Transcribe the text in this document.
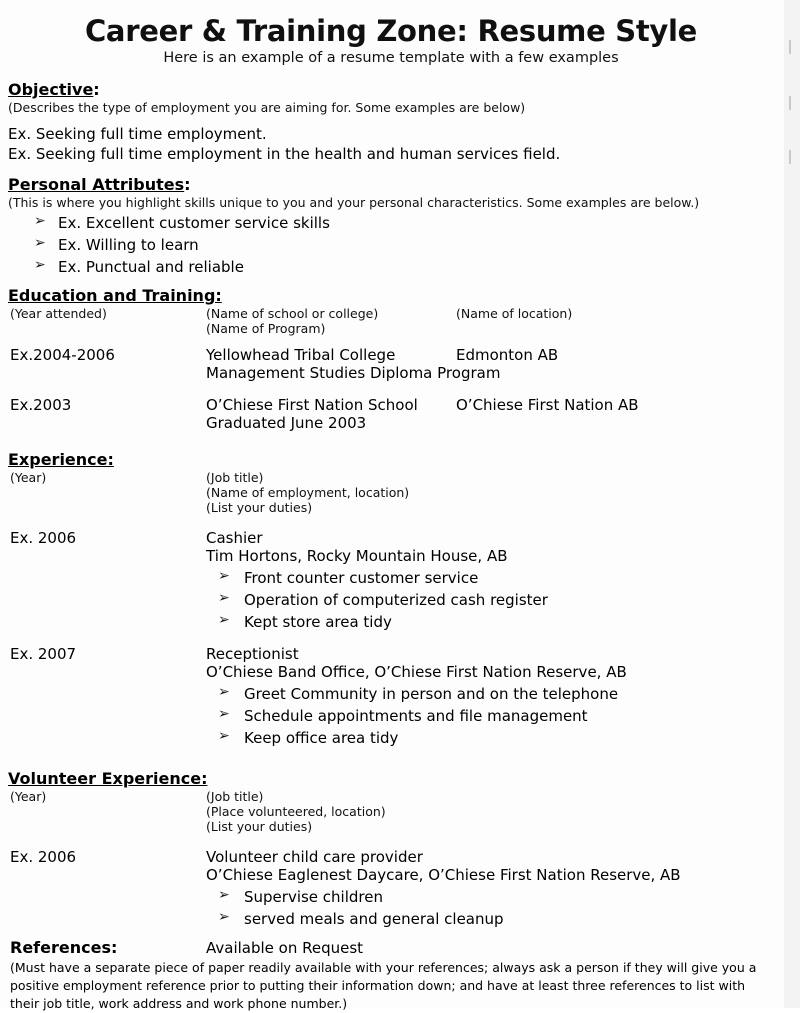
Career & Training Zone: Resume Style
Here is an example of a resume template with a few examples
Objective:
(Describes the type of employment you are aiming for. Some examples are below)
Ex. Seeking full time employment.
Ex. Seeking full time employment in the health and human services field.
Personal Attributes:
(This is where you highlight skills unique to you and your personal characteristics. Some examples are below.)
➢ Ex. Excellent customer service skills
➢ Ex. Willing to learn
➢ Ex. Punctual and reliable
Education and Training:
(Year attended)	(Name of school or college)	(Name of location)
(Name of Program)
Ex.2004-2006	Yellowhead Tribal College	Edmonton AB
Management Studies Diploma Program
Ex.2003	O’Chiese First Nation School	O’Chiese First Nation AB
Graduated June 2003
Experience:
(Year)	(Job title)
(Name of employment, location)
(List your duties)
Ex. 2006	Cashier
Tim Hortons, Rocky Mountain House, AB
➢ Front counter customer service
➢ Operation of computerized cash register
➢ Kept store area tidy
Ex. 2007	Receptionist
O’Chiese Band Office, O’Chiese First Nation Reserve, AB
➢ Greet Community in person and on the telephone
➢ Schedule appointments and file management
➢ Keep office area tidy
Volunteer Experience:
(Year)	(Job title)
(Place volunteered, location)
(List your duties)
Ex. 2006	Volunteer child care provider
O’Chiese Eaglenest Daycare, O’Chiese First Nation Reserve, AB
➢ Supervise children
➢ served meals and general cleanup
References:	Available on Request
(Must have a separate piece of paper readily available with your references; always ask a person if they will give you a positive employment reference prior to putting their information down; and have at least three references to list with their job title, work address and work phone number.)
